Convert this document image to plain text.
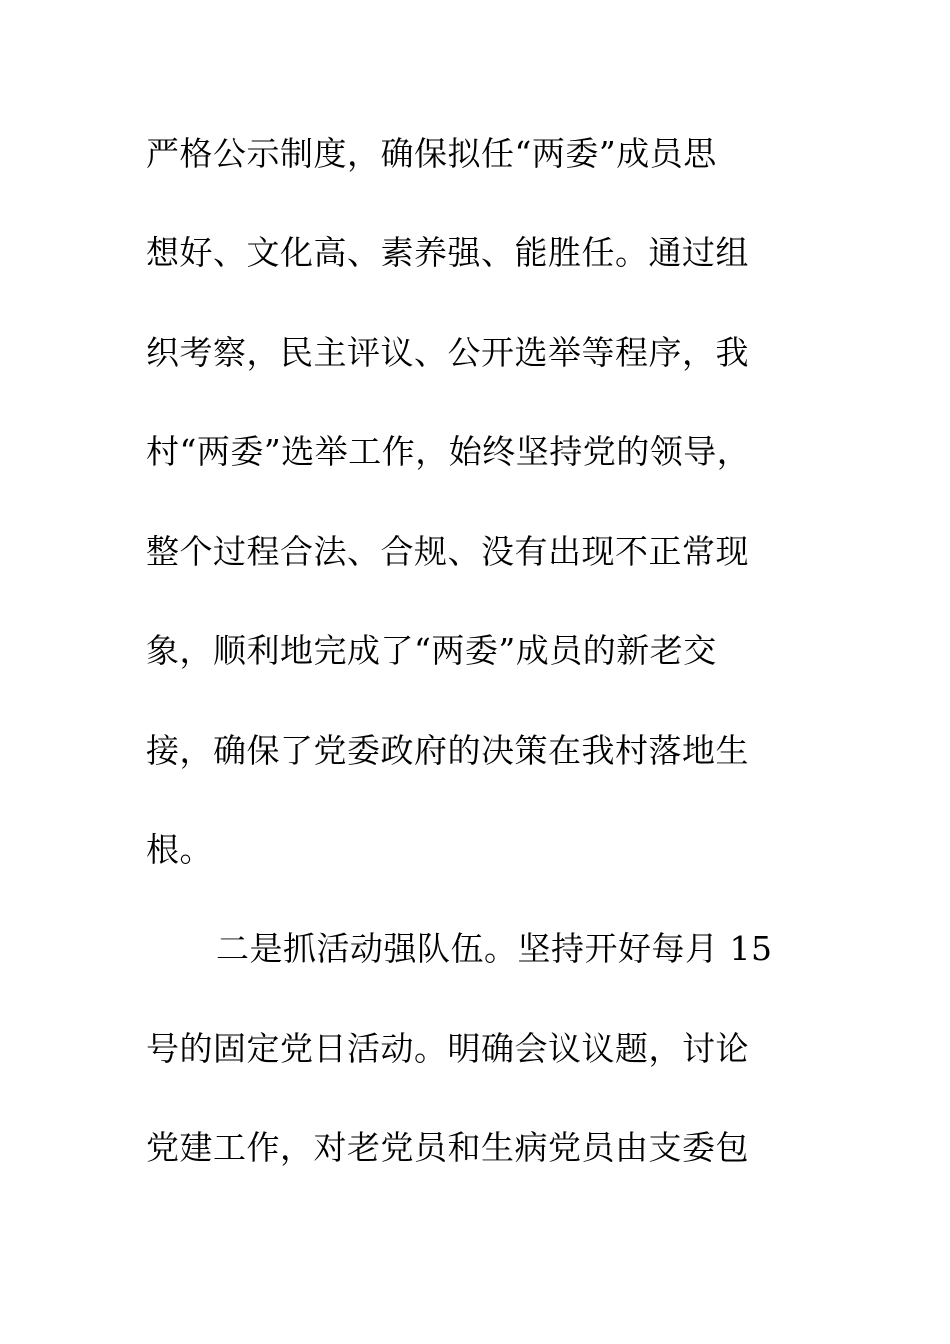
严格公示制度，确保拟任“两委”成员思
想好、文化高、素养强、能胜任。通过组
织考察，民主评议、公开选举等程序，我
村“两委”选举工作，始终坚持党的领导，
整个过程合法、合规、没有出现不正常现
象，顺利地完成了“两委”成员的新老交
接，确保了党委政府的决策在我村落地生
根。
二是抓活动强队伍。坚持开好每月 15
号的固定党日活动。明确会议议题，讨论
党建工作，对老党员和生病党员由支委包
